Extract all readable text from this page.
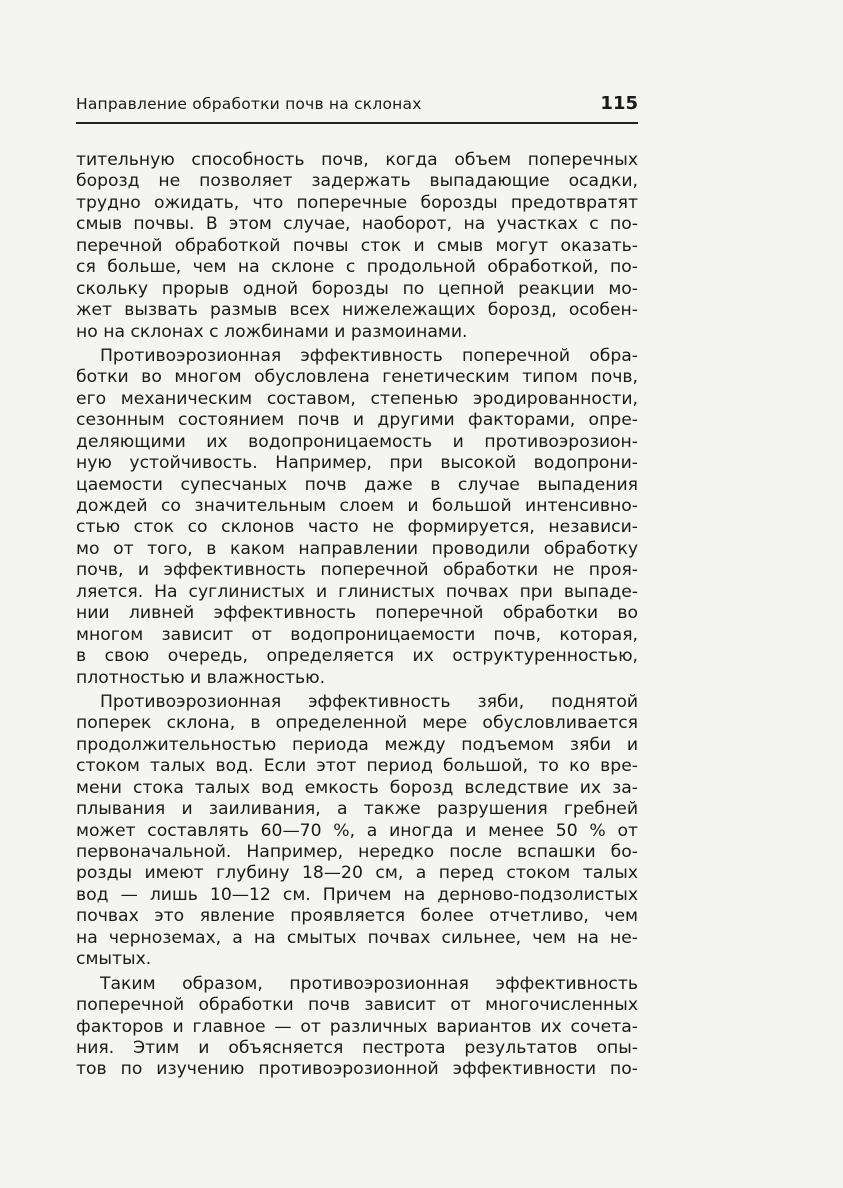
Направление обработки почв на склонах	115
тительную способность почв, когда объем поперечных
борозд не позволяет задержать выпадающие осадки,
трудно ожидать, что поперечные борозды предотвратят
смыв почвы. В этом случае, наоборот, на участках с по-
перечной обработкой почвы сток и смыв могут оказать-
ся больше, чем на склоне с продольной обработкой, по-
скольку прорыв одной борозды по цепной реакции мо-
жет вызвать размыв всех нижележащих борозд, особен-
но на склонах с ложбинами и размоинами.
Противоэрозионная эффективность поперечной обра-
ботки во многом обусловлена генетическим типом почв,
его механическим составом, степенью эродированности,
сезонным состоянием почв и другими факторами, опре-
деляющими их водопроницаемость и противоэрозион-
ную устойчивость. Например, при высокой водопрони-
цаемости супесчаных почв даже в случае выпадения
дождей со значительным слоем и большой интенсивно-
стью сток со склонов часто не формируется, независи-
мо от того, в каком направлении проводили обработку
почв, и эффективность поперечной обработки не проя-
ляется. На суглинистых и глинистых почвах при выпаде-
нии ливней эффективность поперечной обработки во
многом зависит от водопроницаемости почв, которая,
в свою очередь, определяется их оструктуренностью,
плотностью и влажностью.
Противоэрозионная эффективность зяби, поднятой
поперек склона, в определенной мере обусловливается
продолжительностью периода между подъемом зяби и
стоком талых вод. Если этот период большой, то ко вре-
мени стока талых вод емкость борозд вследствие их за-
плывания и заиливания, а также разрушения гребней
может составлять 60—70 %, а иногда и менее 50 % от
первоначальной. Например, нередко после вспашки бо-
розды имеют глубину 18—20 см, а перед стоком талых
вод — лишь 10—12 см. Причем на дерново-подзолистых
почвах это явление проявляется более отчетливо, чем
на черноземах, а на смытых почвах сильнее, чем на не-
смытых.
Таким образом, противоэрозионная эффективность
поперечной обработки почв зависит от многочисленных
факторов и главное — от различных вариантов их сочета-
ния. Этим и объясняется пестрота результатов опы-
тов по изучению противоэрозионной эффективности по-
